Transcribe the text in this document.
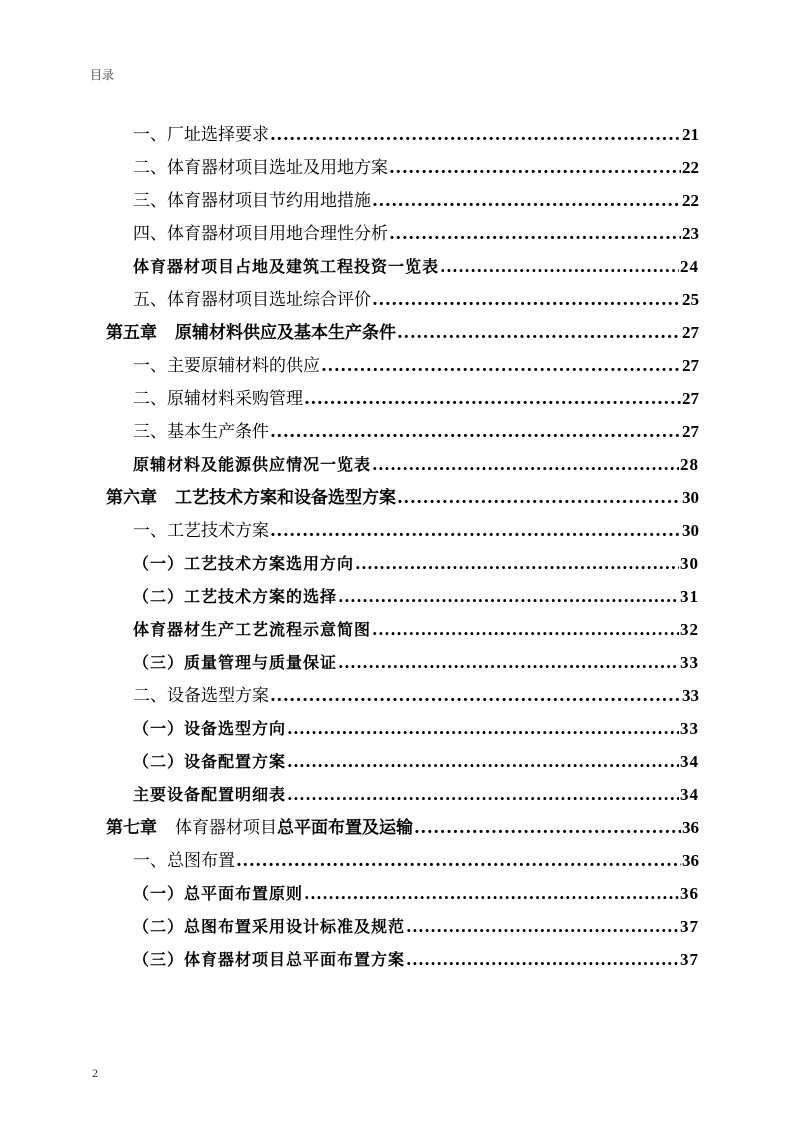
目录
一、厂址选择要求 .....	21
二、体育器材项目选址及用地方案 .....	22
三、体育器材项目节约用地措施 .....	22
四、体育器材项目用地合理性分析 .....	23
体育器材项目占地及建筑工程投资一览表 .....	24
五、体育器材项目选址综合评价 .....	25
第五章 原辅材料供应及基本生产条件 .....	27
一、主要原辅材料的供应 .....	27
二、原辅材料采购管理 .....	27
三、基本生产条件 .....	27
原辅材料及能源供应情况一览表 .....	28
第六章 工艺技术方案和设备选型方案 .....	30
一、工艺技术方案 .....	30
（一）工艺技术方案选用方向 .....	30
（二）工艺技术方案的选择 .....	31
体育器材生产工艺流程示意简图 .....	32
（三）质量管理与质量保证 .....	33
二、设备选型方案 .....	33
（一）设备选型方向 .....	33
（二）设备配置方案 .....	34
主要设备配置明细表 .....	34
第七章 体育器材项目总平面布置及运输 .....	36
一、总图布置 .....	36
（一）总平面布置原则 .....	36
（二）总图布置采用设计标准及规范 .....	37
（三）体育器材项目总平面布置方案 .....	37
2
